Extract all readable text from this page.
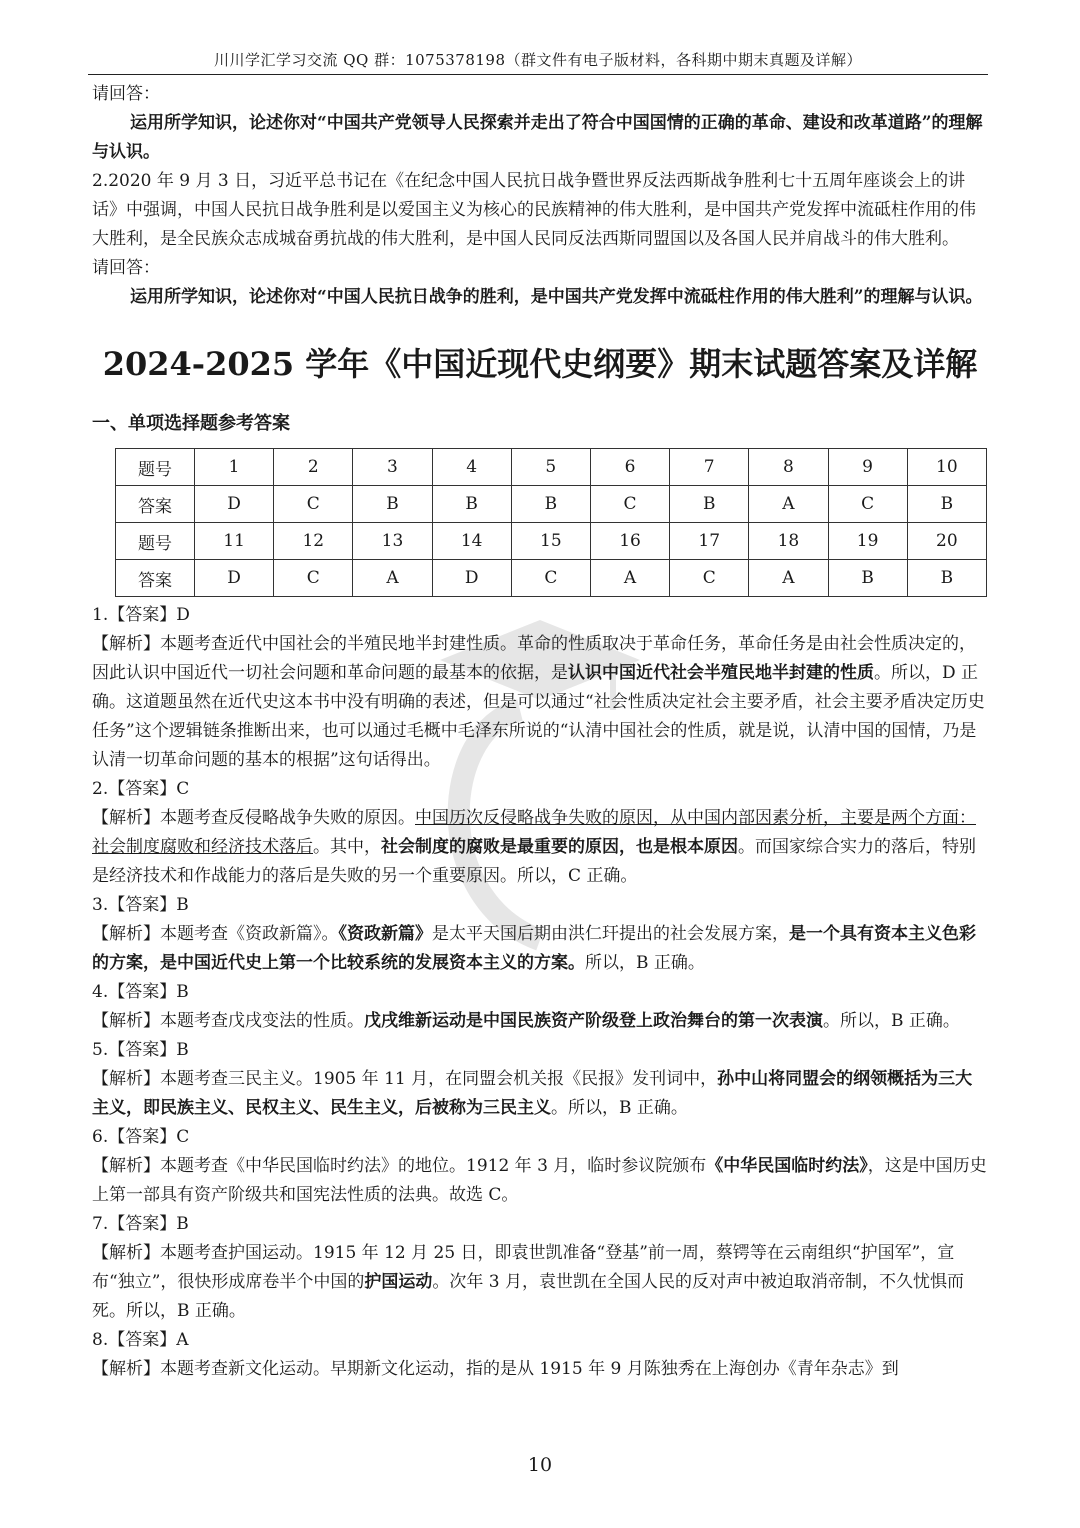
川川学汇学习交流 QQ 群：1075378198（群文件有电子版材料，各科期中期末真题及详解）

请回答：

运用所学知识，论述你对“中国共产党领导人民探索并走出了符合中国国情的正确的革命、建设和改革道路”的理解与认识。

2.2020 年 9 月 3 日，习近平总书记在《在纪念中国人民抗日战争暨世界反法西斯战争胜利七十五周年座谈会上的讲话》中强调，中国人民抗日战争胜利是以爱国主义为核心的民族精神的伟大胜利，是中国共产党发挥中流砥柱作用的伟大胜利，是全民族众志成城奋勇抗战的伟大胜利，是中国人民同反法西斯同盟国以及各国人民并肩战斗的伟大胜利。

请回答：

运用所学知识，论述你对“中国人民抗日战争的胜利，是中国共产党发挥中流砥柱作用的伟大胜利”的理解与认识。

2024-2025 学年《中国近现代史纲要》期末试题答案及详解
一、单项选择题参考答案
题号	1	2	3	4	5	6	7	8	9	10
答案	D	C	B	B	B	C	B	A	C	B
题号	11	12	13	14	15	16	17	18	19	20
答案	D	C	A	D	C	A	C	A	B	B

1.【答案】D

【解析】本题考查近代中国社会的半殖民地半封建性质。革命的性质取决于革命任务，革命任务是由社会性质决定的，因此认识中国近代一切社会问题和革命问题的最基本的依据，是认识中国近代社会半殖民地半封建的性质。所以，D 正确。这道题虽然在近代史这本书中没有明确的表述，但是可以通过“社会性质决定社会主要矛盾，社会主要矛盾决定历史任务”这个逻辑链条推断出来，也可以通过毛概中毛泽东所说的“认清中国社会的性质，就是说，认清中国的国情，乃是认清一切革命问题的基本的根据”这句话得出。

2.【答案】C

【解析】本题考查反侵略战争失败的原因。中国历次反侵略战争失败的原因，从中国内部因素分析，主要是两个方面：社会制度腐败和经济技术落后。其中，社会制度的腐败是最重要的原因，也是根本原因。而国家综合实力的落后，特别是经济技术和作战能力的落后是失败的另一个重要原因。所以，C 正确。

3.【答案】B

【解析】本题考查《资政新篇》。《资政新篇》是太平天国后期由洪仁玕提出的社会发展方案，是一个具有资本主义色彩的方案，是中国近代史上第一个比较系统的发展资本主义的方案。所以，B 正确。

4.【答案】B

【解析】本题考查戊戌变法的性质。戊戌维新运动是中国民族资产阶级登上政治舞台的第一次表演。所以，B 正确。

5.【答案】B

【解析】本题考查三民主义。1905 年 11 月，在同盟会机关报《民报》发刊词中，孙中山将同盟会的纲领概括为三大主义，即民族主义、民权主义、民生主义，后被称为三民主义。所以，B 正确。

6.【答案】C

【解析】本题考查《中华民国临时约法》的地位。1912 年 3 月，临时参议院颁布《中华民国临时约法》，这是中国历史上第一部具有资产阶级共和国宪法性质的法典。故选 C。

7.【答案】B

【解析】本题考查护国运动。1915 年 12 月 25 日，即袁世凯准备“登基”前一周，蔡锷等在云南组织“护国军”，宣布“独立”，很快形成席卷半个中国的护国运动。次年 3 月，袁世凯在全国人民的反对声中被迫取消帝制，不久忧惧而死。所以，B 正确。

8.【答案】A

【解析】本题考查新文化运动。早期新文化运动，指的是从 1915 年 9 月陈独秀在上海创办《青年杂志》到

10
